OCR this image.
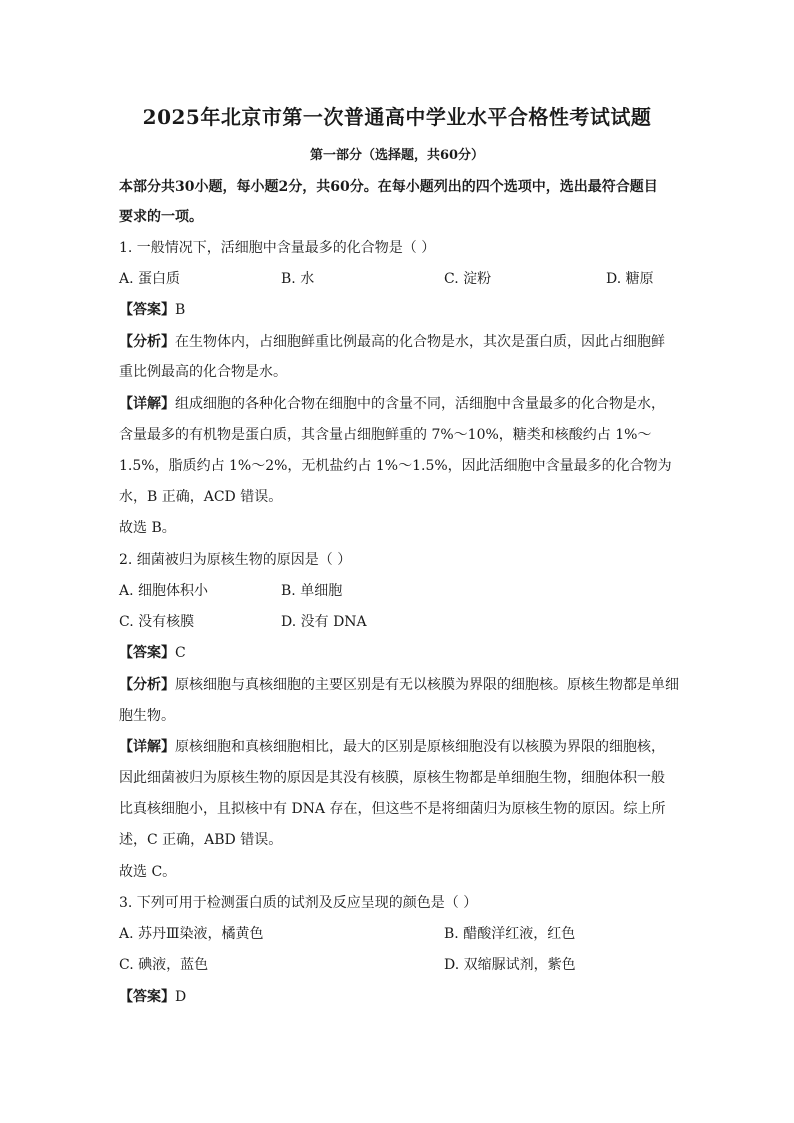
2025年北京市第一次普通高中学业水平合格性考试试题
第一部分（选择题，共60分）
本部分共30小题，每小题2分，共60分。在每小题列出的四个选项中，选出最符合题目
要求的一项。
1. 一般情况下，活细胞中含量最多的化合物是（ ）
A. 蛋白质	B. 水	C. 淀粉	D. 糖原
【答案】B
【分析】在生物体内，占细胞鲜重比例最高的化合物是水，其次是蛋白质，因此占细胞鲜
重比例最高的化合物是水。
【详解】组成细胞的各种化合物在细胞中的含量不同，活细胞中含量最多的化合物是水，
含量最多的有机物是蛋白质，其含量占细胞鲜重的 7%～10%，糖类和核酸约占 1%～
1.5%，脂质约占 1%～2%，无机盐约占 1%～1.5%，因此活细胞中含量最多的化合物为
水，B 正确，ACD 错误。
故选 B。
2. 细菌被归为原核生物的原因是（ ）
A. 细胞体积小	B. 单细胞
C. 没有核膜	D. 没有 DNA
【答案】C
【分析】原核细胞与真核细胞的主要区别是有无以核膜为界限的细胞核。原核生物都是单细
胞生物。
【详解】原核细胞和真核细胞相比，最大的区别是原核细胞没有以核膜为界限的细胞核，
因此细菌被归为原核生物的原因是其没有核膜，原核生物都是单细胞生物，细胞体积一般
比真核细胞小，且拟核中有 DNA 存在，但这些不是将细菌归为原核生物的原因。综上所
述，C 正确，ABD 错误。
故选 C。
3. 下列可用于检测蛋白质的试剂及反应呈现的颜色是（ ）
A. 苏丹Ⅲ染液，橘黄色	B. 醋酸洋红液，红色
C. 碘液，蓝色	D. 双缩脲试剂，紫色
【答案】D
